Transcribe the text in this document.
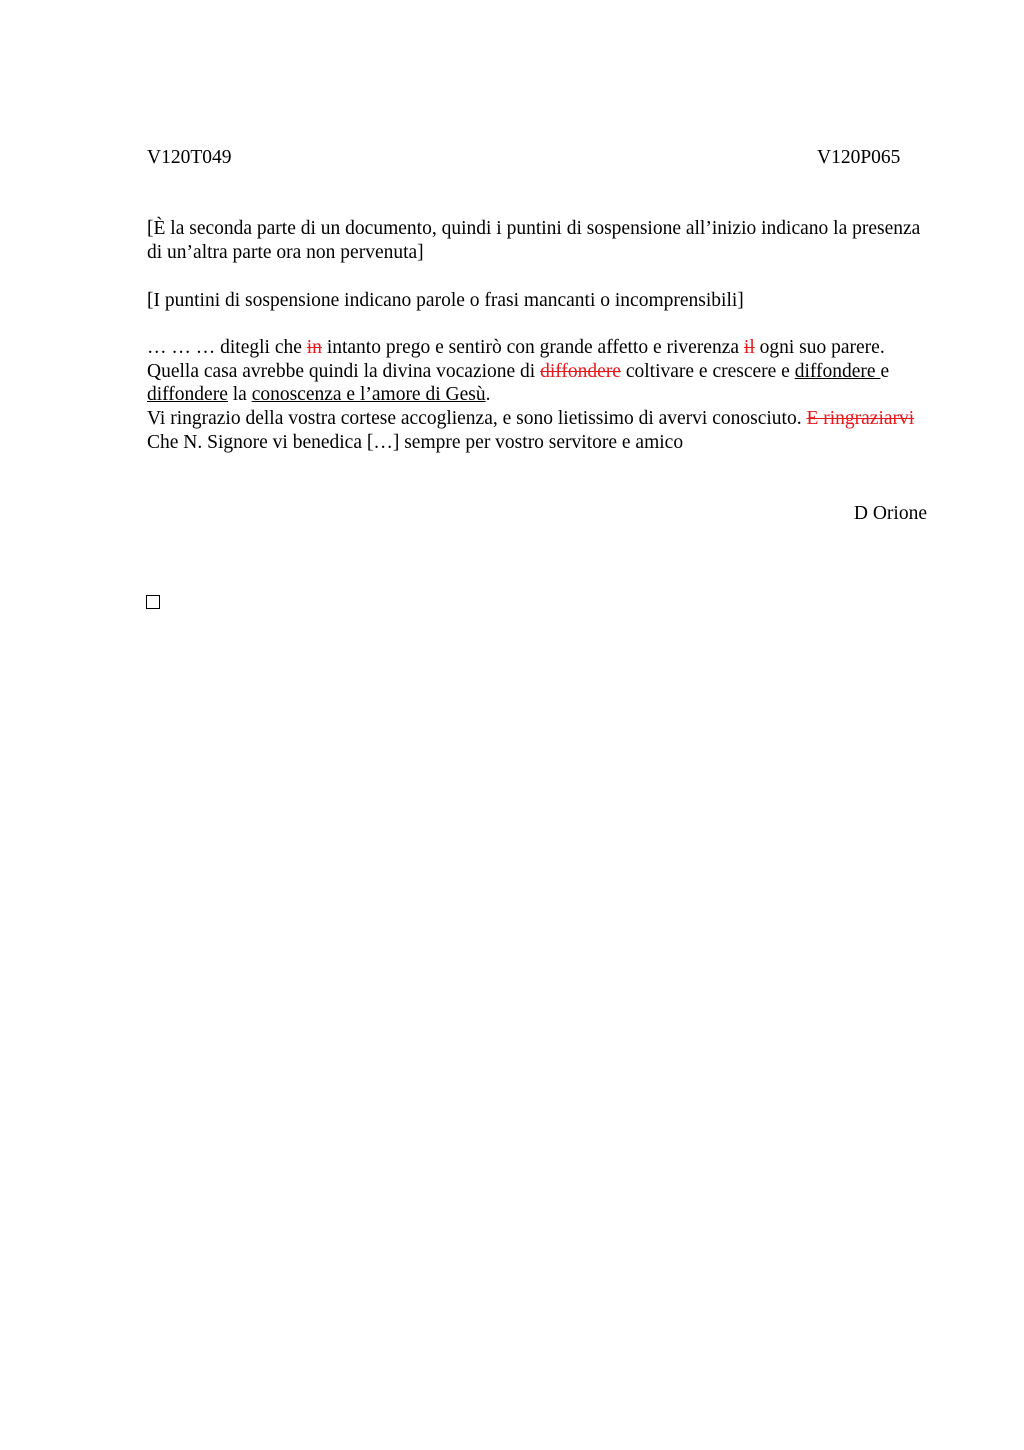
V120T049	V120P065

[È la seconda parte di un documento, quindi i puntini di sospensione all’inizio indicano la presenza di un’altra parte ora non pervenuta]

[I puntini di sospensione indicano parole o frasi mancanti o incomprensibili]

… … … ditegli che in intanto prego e sentirò con grande affetto e riverenza il ogni suo parere.

Quella casa avrebbe quindi la divina vocazione di diffondere coltivare e crescere e diffondere e diffondere la conoscenza e l’amore di Gesù.

Vi ringrazio della vostra cortese accoglienza, e sono lietissimo di avervi conosciuto. E ringraziarvi Che N. Signore vi benedica […] sempre per vostro servitore e amico

D Orione
